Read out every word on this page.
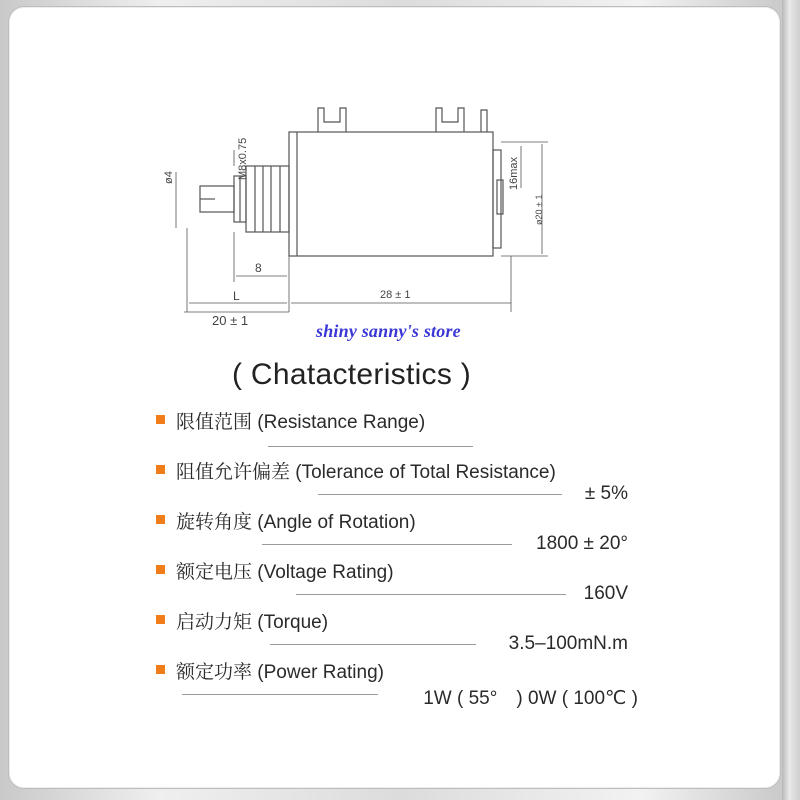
M8x0.75
ø4	16max
ø20 ± 1
8
L	28 ± 1
20 ± 1
shiny sanny's store
( Chatacteristics )
限值范围 (Resistance Range)
阻值允许偏差 (Tolerance of Total Resistance)
± 5%
旋转角度 (Angle of Rotation)
1800 ± 20°
额定电压 (Voltage Rating)
160V
启动力矩 (Torque)
3.5–100mN.m
额定功率 (Power Rating)
1W ( 55°　) 0W ( 100℃ )
